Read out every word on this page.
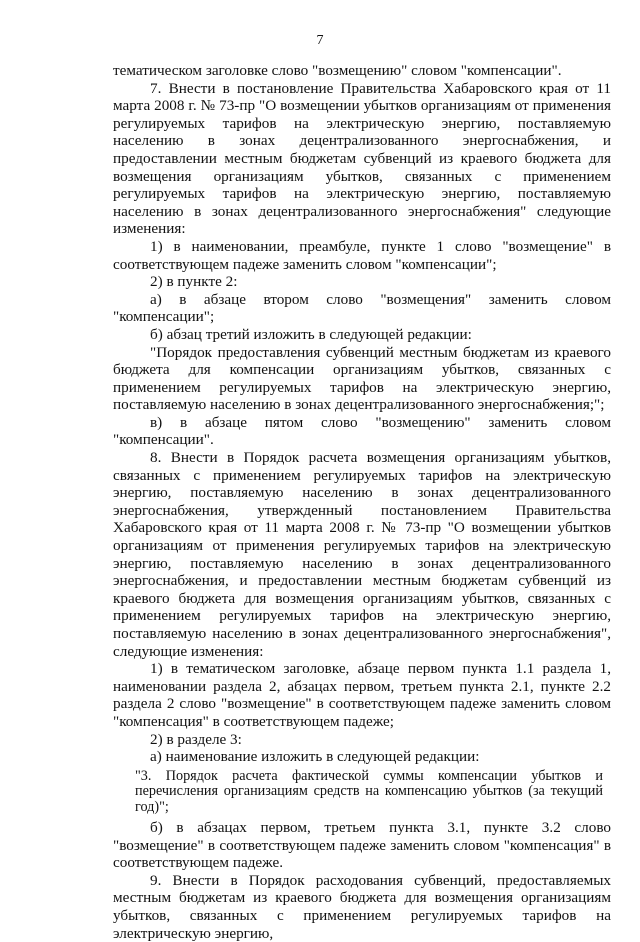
7

тематическом заголовке слово "возмещению" словом "компенсации".

7. Внести в постановление Правительства Хабаровского края от 11 марта 2008 г. № 73-пр "О возмещении убытков организациям от применения регулируемых тарифов на электрическую энергию, поставляемую населению в зонах децентрализованного энергоснабжения, и предоставлении местным бюджетам субвенций из краевого бюджета для возмещения организациям убытков, связанных с применением регулируемых тарифов на электрическую энергию, поставляемую населению в зонах децентрализованного энергоснабжения" следующие изменения:

1) в наименовании, преамбуле, пункте 1 слово "возмещение" в соответствующем падеже заменить словом "компенсации";

2) в пункте 2:

а) в абзаце втором слово "возмещения" заменить словом "компенсации";

б) абзац третий изложить в следующей редакции:

"Порядок предоставления субвенций местным бюджетам из краевого бюджета для компенсации организациям убытков, связанных с применением регулируемых тарифов на электрическую энергию, поставляемую населению в зонах децентрализованного энергоснабжения;";

в) в абзаце пятом слово "возмещению" заменить словом "компенсации".

8. Внести в Порядок расчета возмещения организациям убытков, связанных с применением регулируемых тарифов на электрическую энергию, поставляемую населению в зонах децентрализованного энергоснабжения, утвержденный постановлением Правительства Хабаровского края от 11 марта 2008 г. № 73-пр "О возмещении убытков организациям от применения регулируемых тарифов на электрическую энергию, поставляемую населению в зонах децентрализованного энергоснабжения, и предоставлении местным бюджетам субвенций из краевого бюджета для возмещения организациям убытков, связанных с применением регулируемых тарифов на электрическую энергию, поставляемую населению в зонах децентрализованного энергоснабжения", следующие изменения:

1) в тематическом заголовке, абзаце первом пункта 1.1 раздела 1, наименовании раздела 2, абзацах первом, третьем пункта 2.1, пункте 2.2 раздела 2 слово "возмещение" в соответствующем падеже заменить словом "компенсация" в соответствующем падеже;

2) в разделе 3:

а) наименование изложить в следующей редакции:

"3. Порядок расчета фактической суммы компенсации убытков и перечисления организациям средств на компенсацию убытков (за текущий год)";

б) в абзацах первом, третьем пункта 3.1, пункте 3.2 слово "возмещение" в соответствующем падеже заменить словом "компенсация" в соответствующем падеже.

9. Внести в Порядок расходования субвенций, предоставляемых местным бюджетам из краевого бюджета для возмещения организациям убытков, связанных с применением регулируемых тарифов на электрическую энергию,
